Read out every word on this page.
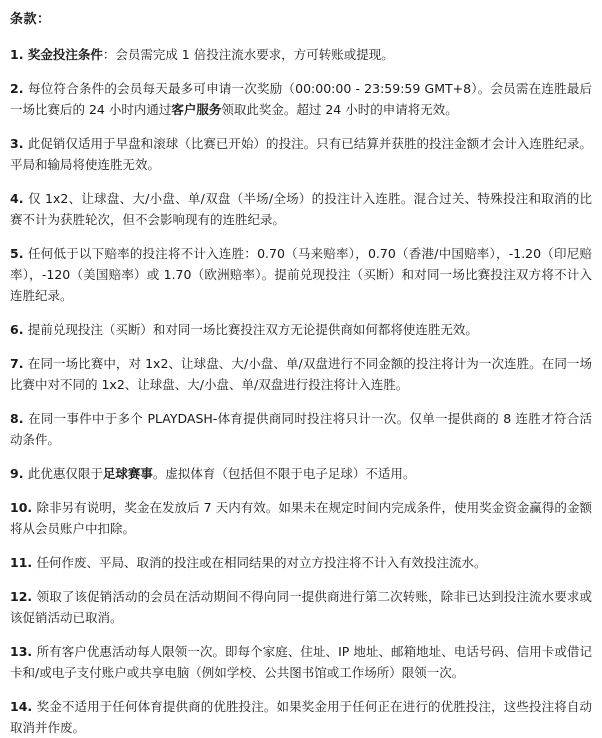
条款：
1. 奖金投注条件：会员需完成 1 倍投注流水要求，方可转账或提现。
2. 每位符合条件的会员每天最多可申请一次奖励（00:00:00 - 23:59:59 GMT+8）。会员需在连胜最后一场比赛后的 24 小时内通过客户服务领取此奖金。超过 24 小时的申请将无效。
3. 此促销仅适用于早盘和滚球（比赛已开始）的投注。只有已结算并获胜的投注金额才会计入连胜纪录。平局和输局将使连胜无效。
4. 仅 1x2、让球盘、大/小盘、单/双盘（半场/全场）的投注计入连胜。混合过关、特殊投注和取消的比赛不计为获胜轮次，但不会影响现有的连胜纪录。
5. 任何低于以下赔率的投注将不计入连胜：0.70（马来赔率），0.70（香港/中国赔率），-1.20（印尼赔率），-120（美国赔率）或 1.70（欧洲赔率）。提前兑现投注（买断）和对同一场比赛投注双方将不计入连胜纪录。
6. 提前兑现投注（买断）和对同一场比赛投注双方无论提供商如何都将使连胜无效。
7. 在同一场比赛中，对 1x2、让球盘、大/小盘、单/双盘进行不同金额的投注将计为一次连胜。在同一场比赛中对不同的 1x2、让球盘、大/小盘、单/双盘进行投注将计入连胜。
8. 在同一事件中于多个 PLAYDASH-体育提供商同时投注将只计一次。仅单一提供商的 8 连胜才符合活动条件。
9. 此优惠仅限于足球赛事。虚拟体育（包括但不限于电子足球）不适用。
10. 除非另有说明，奖金在发放后 7 天内有效。如果未在规定时间内完成条件，使用奖金资金赢得的金额将从会员账户中扣除。
11. 任何作废、平局、取消的投注或在相同结果的对立方投注将不计入有效投注流水。
12. 领取了该促销活动的会员在活动期间不得向同一提供商进行第二次转账，除非已达到投注流水要求或该促销活动已取消。
13. 所有客户优惠活动每人限领一次。即每个家庭、住址、IP 地址、邮箱地址、电话号码、信用卡或借记卡和/或电子支付账户或共享电脑（例如学校、公共图书馆或工作场所）限领一次。
14. 奖金不适用于任何体育提供商的优胜投注。如果奖金用于任何正在进行的优胜投注，这些投注将自动取消并作废。
